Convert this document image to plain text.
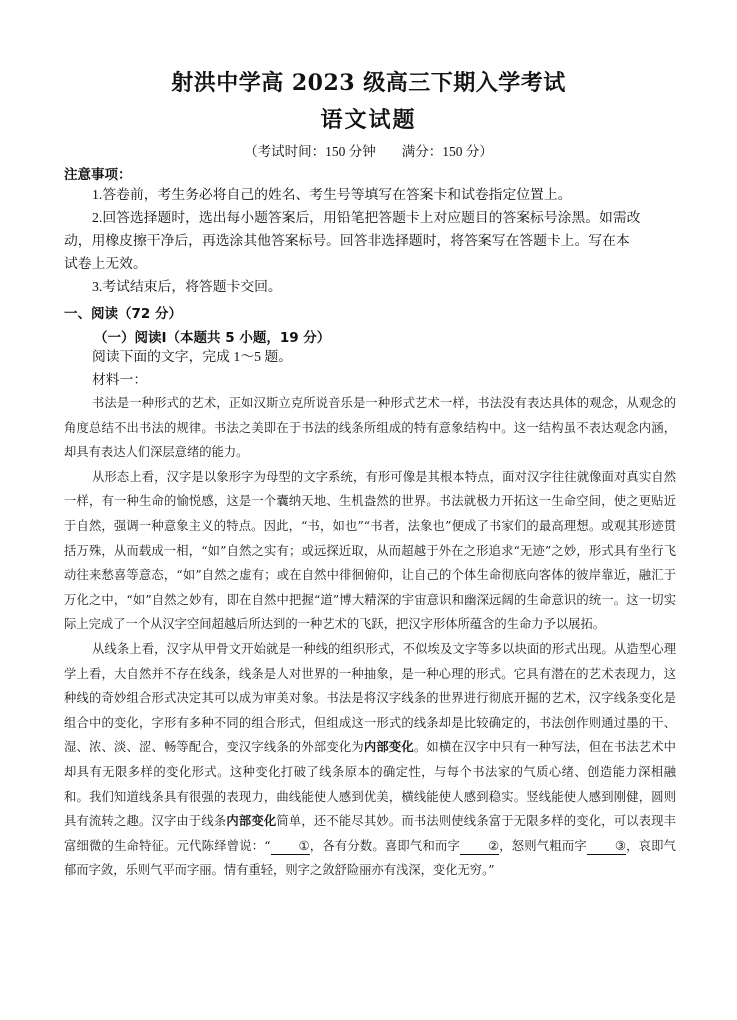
射洪中学高 2023 级高三下期入学考试
语文试题
（考试时间：150 分钟 满分：150 分）
注意事项：
1.答卷前，考生务必将自己的姓名、考生号等填写在答案卡和试卷指定位置上。
2.回答选择题时，选出每小题答案后，用铅笔把答题卡上对应题目的答案标号涂黑。如需改
动，用橡皮擦干净后，再选涂其他答案标号。回答非选择题时，将答案写在答题卡上。写在本
试卷上无效。
3.考试结束后，将答题卡交回。
一、阅读（72 分）
（一）阅读Ⅰ（本题共 5 小题，19 分）
阅读下面的文字，完成 1～5 题。
材料一：

书法是一种形式的艺术，正如汉斯立克所说音乐是一种形式艺术一样，书法没有表达具体的观念，从观念的角度总结不出书法的规律。书法之美即在于书法的线条所组成的特有意象结构中。这一结构虽不表达观念内涵，却具有表达人们深层意绪的能力。

从形态上看，汉字是以象形字为母型的文字系统，有形可像是其根本特点，面对汉字往往就像面对真实自然一样，有一种生命的愉悦感，这是一个囊纳天地、生机盎然的世界。书法就极力开拓这一生命空间，使之更贴近于自然，强调一种意象主义的特点。因此，“书，如也”“书者，法象也”便成了书家们的最高理想。或观其形迹贯括万殊，从而载成一相，“如”自然之实有；或远探近取，从而超越于外在之形追求“无迹”之妙，形式具有坐行飞动往来愁喜等意态，“如”自然之虚有；或在自然中徘徊俯仰，让自己的个体生命彻底向客体的彼岸靠近，融汇于万化之中，“如”自然之妙有，即在自然中把握“道”博大精深的宇宙意识和幽深远阔的生命意识的统一。这一切实际上完成了一个从汉字空间超越后所达到的一种艺术的飞跃，把汉字形体所蕴含的生命力予以展拓。

从线条上看，汉字从甲骨文开始就是一种线的组织形式，不似埃及文字等多以块面的形式出现。从造型心理学上看，大自然并不存在线条，线条是人对世界的一种抽象，是一种心理的形式。它具有潜在的艺术表现力，这种线的奇妙组合形式决定其可以成为审美对象。书法是将汉字线条的世界进行彻底开掘的艺术，汉字线条变化是组合中的变化，字形有多种不同的组合形式，但组成这一形式的线条却是比较确定的，书法创作则通过墨的干、湿、浓、淡、涩、畅等配合，变汉字线条的外部变化为内部变化。如横在汉字中只有一种写法，但在书法艺术中却具有无限多样的变化形式。这种变化打破了线条原本的确定性，与每个书法家的气质心绪、创造能力深相融和。我们知道线条具有很强的表现力，曲线能使人感到优美，横线能使人感到稳实。竖线能使人感到刚健，圆则具有流转之趣。汉字由于线条内部变化简单，还不能尽其妙。而书法则使线条富于无限多样的变化，可以表现丰富细微的生命特征。元代陈绎曾说：“ ①，各有分数。喜即气和而字 ②，怒则气粗而字 ③，哀即气郁而字敛，乐则气平而字丽。情有重轻，则字之敛舒险丽亦有浅深，变化无穷。”
